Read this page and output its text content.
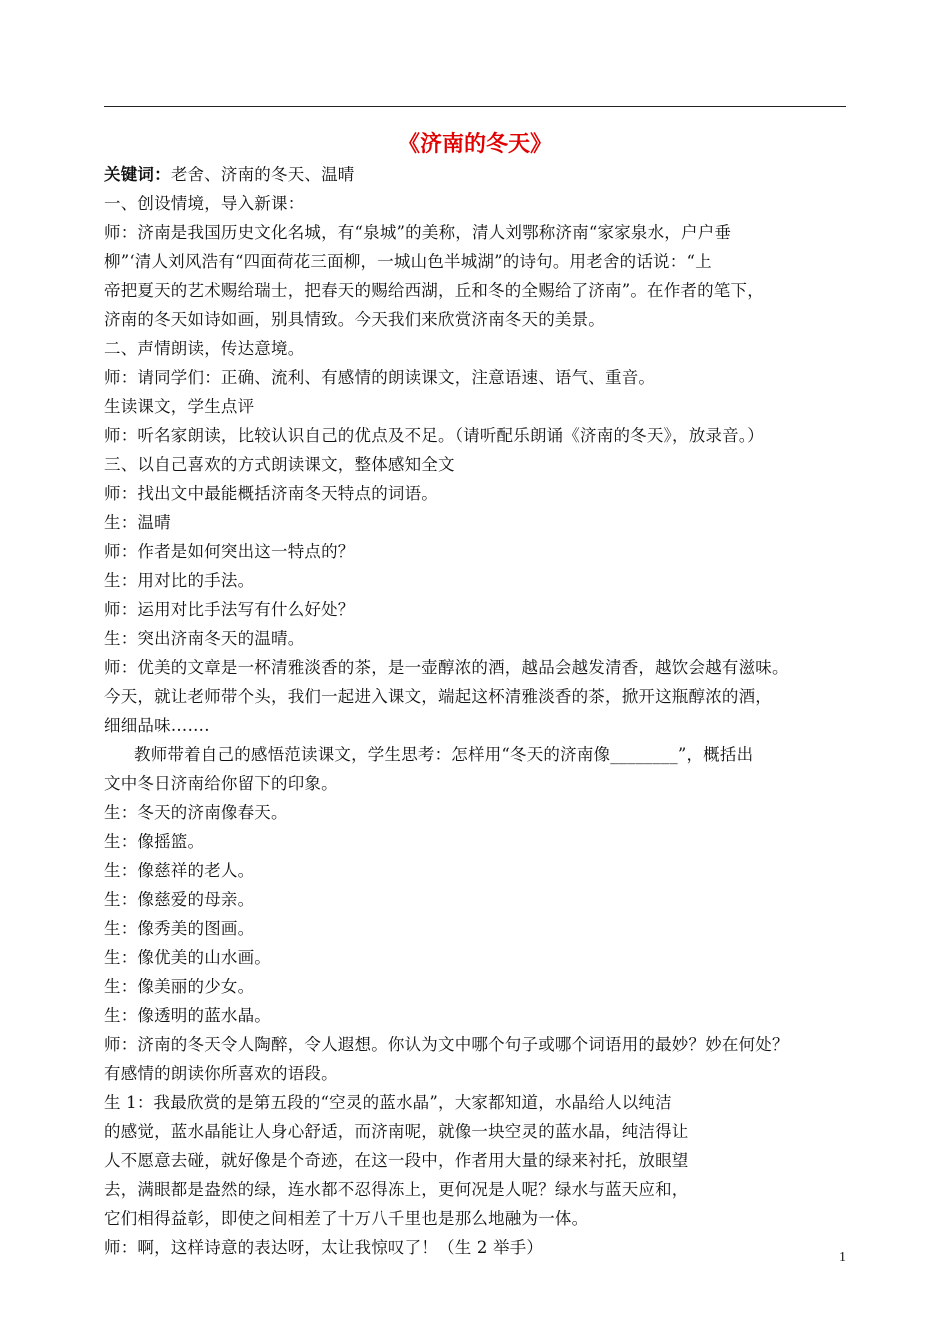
《济南的冬天》
关键词：老舍、济南的冬天、温晴
一、创设情境，导入新课：
师：济南是我国历史文化名城，有“泉城”的美称，清人刘鄂称济南“家家泉水，户户垂
柳”‘清人刘风浩有“四面荷花三面柳，一城山色半城湖”的诗句。用老舍的话说：“上
帝把夏天的艺术赐给瑞士，把春天的赐给西湖，丘和冬的全赐给了济南”。在作者的笔下，
济南的冬天如诗如画，别具情致。今天我们来欣赏济南冬天的美景。
二、声情朗读，传达意境。
师：请同学们：正确、流利、有感情的朗读课文，注意语速、语气、重音。
生读课文，学生点评
师：听名家朗读，比较认识自己的优点及不足。（请听配乐朗诵《济南的冬天》，放录音。）
三、以自己喜欢的方式朗读课文，整体感知全文
师：找出文中最能概括济南冬天特点的词语。
生：温晴
师：作者是如何突出这一特点的？
生：用对比的手法。
师：运用对比手法写有什么好处？
生：突出济南冬天的温晴。
师：优美的文章是一杯清雅淡香的茶，是一壶醇浓的酒，越品会越发清香，越饮会越有滋味。
今天，就让老师带个头，我们一起进入课文，端起这杯清雅淡香的茶，掀开这瓶醇浓的酒，
细细品味…….
教师带着自己的感悟范读课文，学生思考：怎样用“冬天的济南像________”，概括出
文中冬日济南给你留下的印象。
生：冬天的济南像春天。
生：像摇篮。
生：像慈祥的老人。
生：像慈爱的母亲。
生：像秀美的图画。
生：像优美的山水画。
生：像美丽的少女。
生：像透明的蓝水晶。
师：济南的冬天令人陶醉，令人遐想。你认为文中哪个句子或哪个词语用的最妙？妙在何处？
有感情的朗读你所喜欢的语段。
生 1：我最欣赏的是第五段的“空灵的蓝水晶”，大家都知道，水晶给人以纯洁
的感觉，蓝水晶能让人身心舒适，而济南呢，就像一块空灵的蓝水晶，纯洁得让
人不愿意去碰，就好像是个奇迹，在这一段中，作者用大量的绿来衬托，放眼望
去，满眼都是盎然的绿，连水都不忍得冻上，更何况是人呢？绿水与蓝天应和，
它们相得益彰，即使之间相差了十万八千里也是那么地融为一体。
师：啊，这样诗意的表达呀，太让我惊叹了！（生 2 举手）
1
